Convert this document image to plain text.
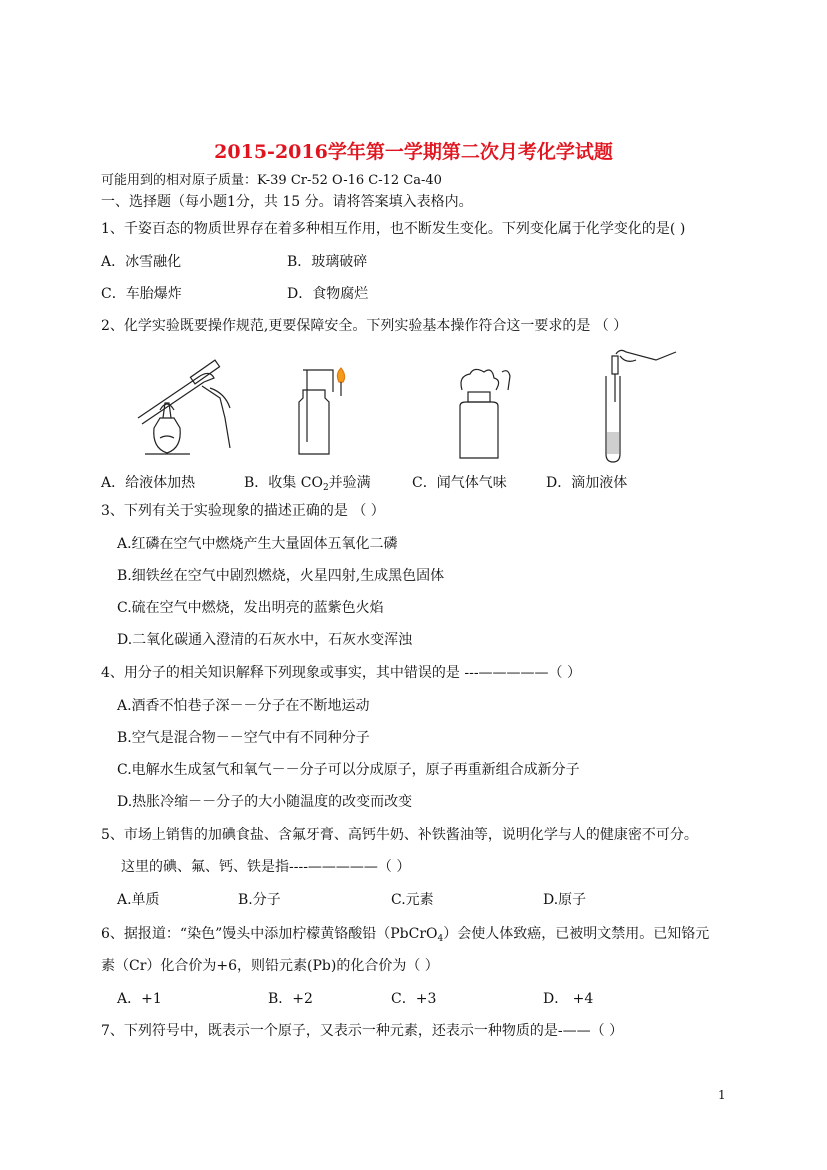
2015-2016学年第一学期第二次月考化学试题
可能用到的相对原子质量：K-39 Cr-52 O-16 C-12 Ca-40
一、选择题（每小题1分，共 15 分。请将答案填入表格内。
1、千姿百态的物质世界存在着多种相互作用，也不断发生变化。下列变化属于化学变化的是( )
A．冰雪融化	B．玻璃破碎
C．车胎爆炸	D．食物腐烂
2、化学实验既要操作规范,更要保障安全。下列实验基本操作符合这一要求的是 （ ）
A．给液体加热	B．收集 $CO_2$并验满	C．闻气体气味	D．滴加液体
3、下列有关于实验现象的描述正确的是 （ ）
A.红磷在空气中燃烧产生大量固体五氧化二磷
B.细铁丝在空气中剧烈燃烧，火星四射,生成黑色固体
C.硫在空气中燃烧，发出明亮的蓝紫色火焰
D.二氧化碳通入澄清的石灰水中，石灰水变浑浊
4、用分子的相关知识解释下列现象或事实，其中错误的是 ---—————（ ）
A.酒香不怕巷子深－－分子在不断地运动
B.空气是混合物－－空气中有不同种分子
C.电解水生成氢气和氧气－－分子可以分成原子，原子再重新组合成新分子
D.热胀冷缩－－分子的大小随温度的改变而改变
5、市场上销售的加碘食盐、含氟牙膏、高钙牛奶、补铁酱油等，说明化学与人的健康密不可分。
这里的碘、氟、钙、铁是指----—————（ ）
A.单质	B.分子	C.元素	D.原子
6、据报道：“染色”馒头中添加柠檬黄铬酸铅（PbCrO$_4$）会使人体致癌，已被明文禁用。已知铬元
素（Cr）化合价为+6，则铅元素(Pb)的化合价为（ ）
A．+1	B．+2	C．+3	D． +4
7、下列符号中，既表示一个原子，又表示一种元素，还表示一种物质的是-——（ ）
1
